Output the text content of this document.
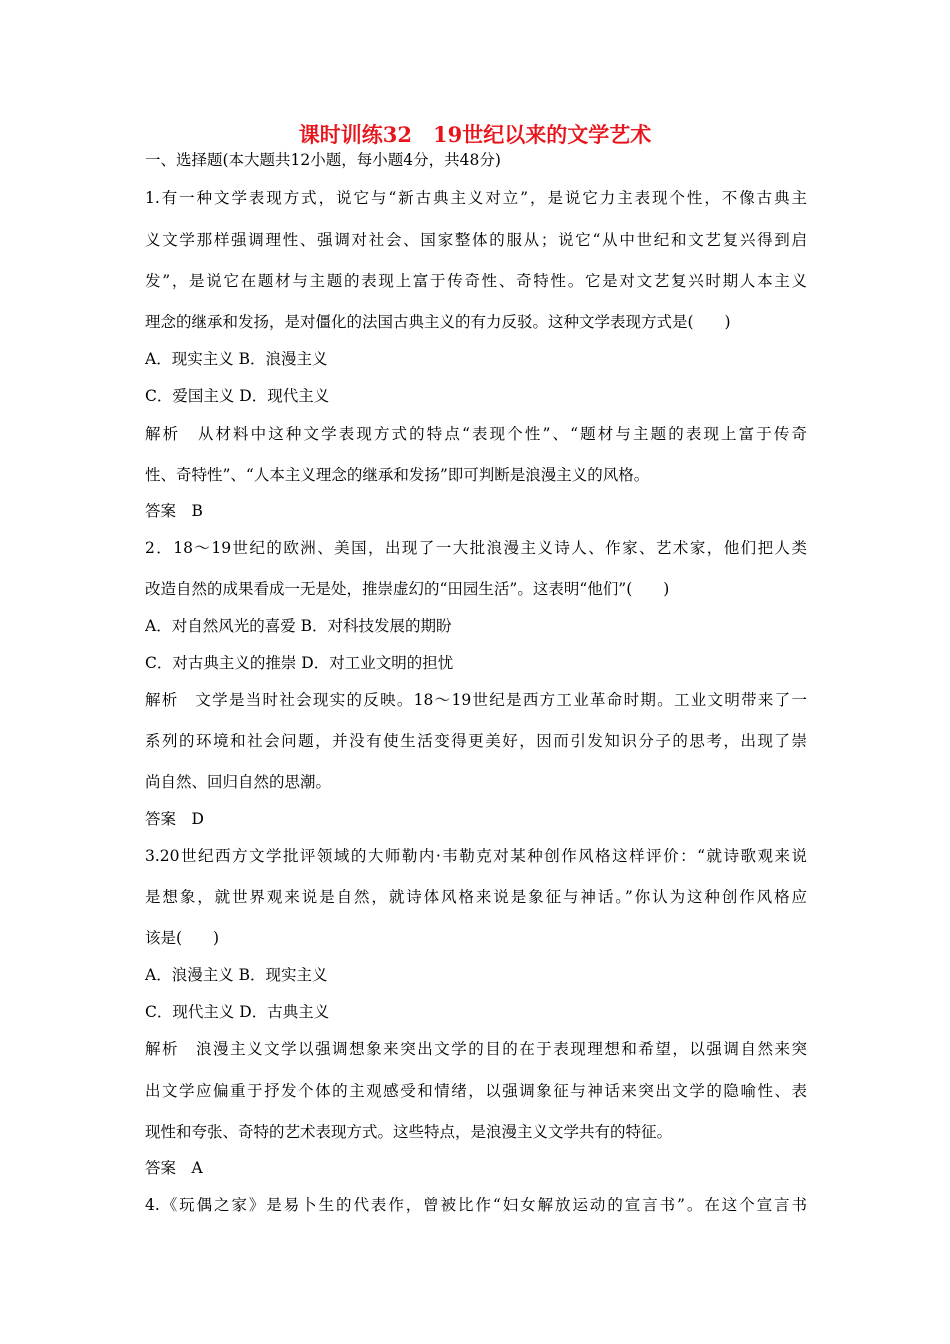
课时训练32　19世纪以来的文学艺术
一、选择题(本大题共12小题，每小题4分，共48分)
1.有一种文学表现方式，说它与“新古典主义对立”，是说它力主表现个性，不像古典主
义文学那样强调理性、强调对社会、国家整体的服从；说它“从中世纪和文艺复兴得到启
发”，是说它在题材与主题的表现上富于传奇性、奇特性。它是对文艺复兴时期人本主义
理念的继承和发扬，是对僵化的法国古典主义的有力反驳。这种文学表现方式是(　　)
A．现实主义 B．浪漫主义
C．爱国主义 D．现代主义
解析　从材料中这种文学表现方式的特点“表现个性”、“题材与主题的表现上富于传奇
性、奇特性”、“人本主义理念的继承和发扬”即可判断是浪漫主义的风格。
答案　B
2．18～19世纪的欧洲、美国，出现了一大批浪漫主义诗人、作家、艺术家，他们把人类
改造自然的成果看成一无是处，推崇虚幻的“田园生活”。这表明“他们”(　　)
A．对自然风光的喜爱 B．对科技发展的期盼
C．对古典主义的推崇 D．对工业文明的担忧
解析　文学是当时社会现实的反映。18～19世纪是西方工业革命时期。工业文明带来了一
系列的环境和社会问题，并没有使生活变得更美好，因而引发知识分子的思考，出现了崇
尚自然、回归自然的思潮。
答案　D
3.20世纪西方文学批评领域的大师勒内·韦勒克对某种创作风格这样评价：“就诗歌观来说
是想象，就世界观来说是自然，就诗体风格来说是象征与神话。”你认为这种创作风格应
该是(　　)
A．浪漫主义 B．现实主义
C．现代主义 D．古典主义
解析　浪漫主义文学以强调想象来突出文学的目的在于表现理想和希望，以强调自然来突
出文学应偏重于抒发个体的主观感受和情绪，以强调象征与神话来突出文学的隐喻性、表
现性和夸张、奇特的艺术表现方式。这些特点，是浪漫主义文学共有的特征。
答案　A
4.《玩偶之家》是易卜生的代表作，曾被比作“妇女解放运动的宣言书”。在这个宣言书
